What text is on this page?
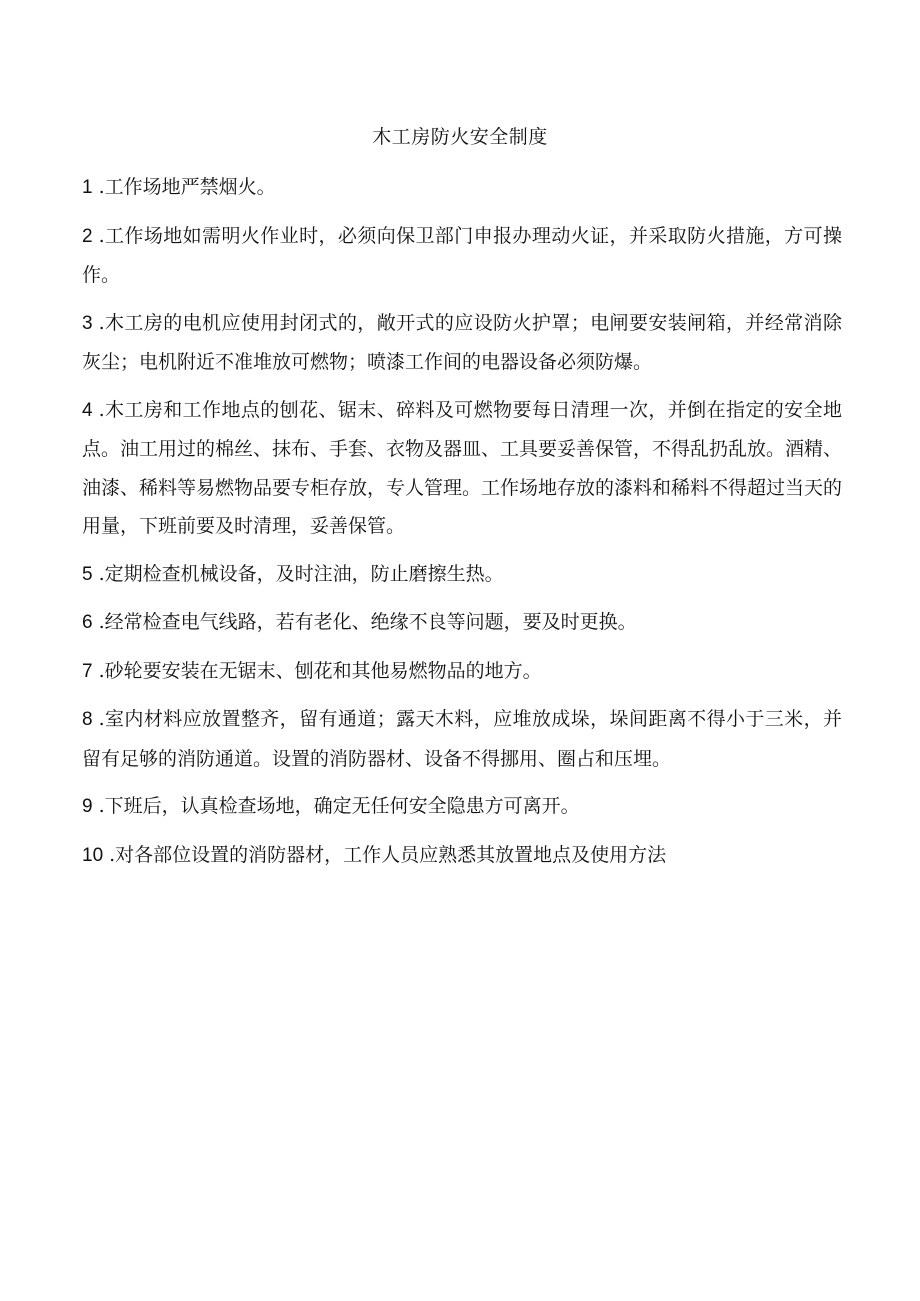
木工房防火安全制度
1 .工作场地严禁烟火。
2 .工作场地如需明火作业时，必须向保卫部门申报办理动火证，并采取防火措施，方可操作。
3 .木工房的电机应使用封闭式的，敞开式的应设防火护罩；电闸要安装闸箱，并经常消除灰尘；电机附近不准堆放可燃物；喷漆工作间的电器设备必须防爆。
4 .木工房和工作地点的刨花、锯末、碎料及可燃物要每日清理一次，并倒在指定的安全地点。油工用过的棉丝、抹布、手套、衣物及器皿、工具要妥善保管，不得乱扔乱放。酒精、油漆、稀料等易燃物品要专柜存放，专人管理。工作场地存放的漆料和稀料不得超过当天的用量，下班前要及时清理，妥善保管。
5 .定期检查机械设备，及时注油，防止磨擦生热。
6 .经常检查电气线路，若有老化、绝缘不良等问题，要及时更换。
7 .砂轮要安装在无锯末、刨花和其他易燃物品的地方。
8 .室内材料应放置整齐，留有通道；露天木料，应堆放成垛，垛间距离不得小于三米，并留有足够的消防通道。设置的消防器材、设备不得挪用、圈占和压埋。
9 .下班后，认真检查场地，确定无任何安全隐患方可离开。
10 .对各部位设置的消防器材，工作人员应熟悉其放置地点及使用方法
